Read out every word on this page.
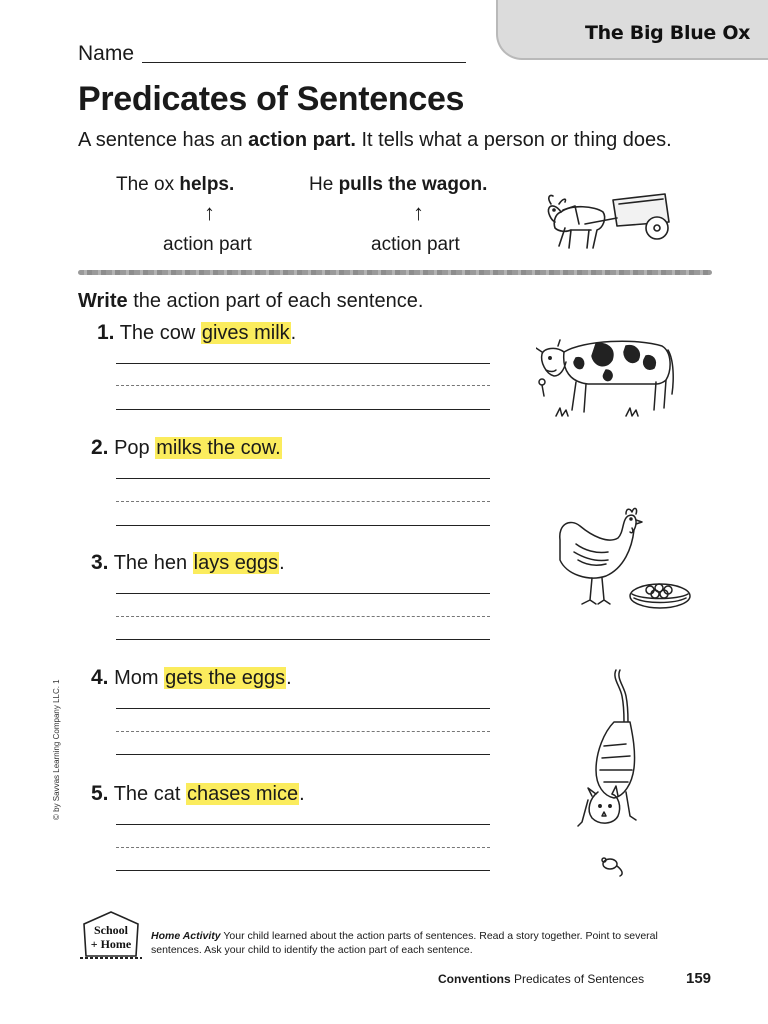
The Big Blue Ox
Name
Predicates of Sentences
A sentence has an action part. It tells what a person or thing does.
The ox helps.
↑
action part
He pulls the wagon.
↑
action part
Write the action part of each sentence.
1. The cow gives milk.
2. Pop milks the cow.
3. The hen lays eggs.
4. Mom gets the eggs.
5. The cat chases mice.
© by Savvas Learning Company LLC. 1
School
+ Home
Home Activity Your child learned about the action parts of sentences. Read a story together. Point to several sentences. Ask your child to identify the action part of each sentence.
Conventions Predicates of Sentences	159
